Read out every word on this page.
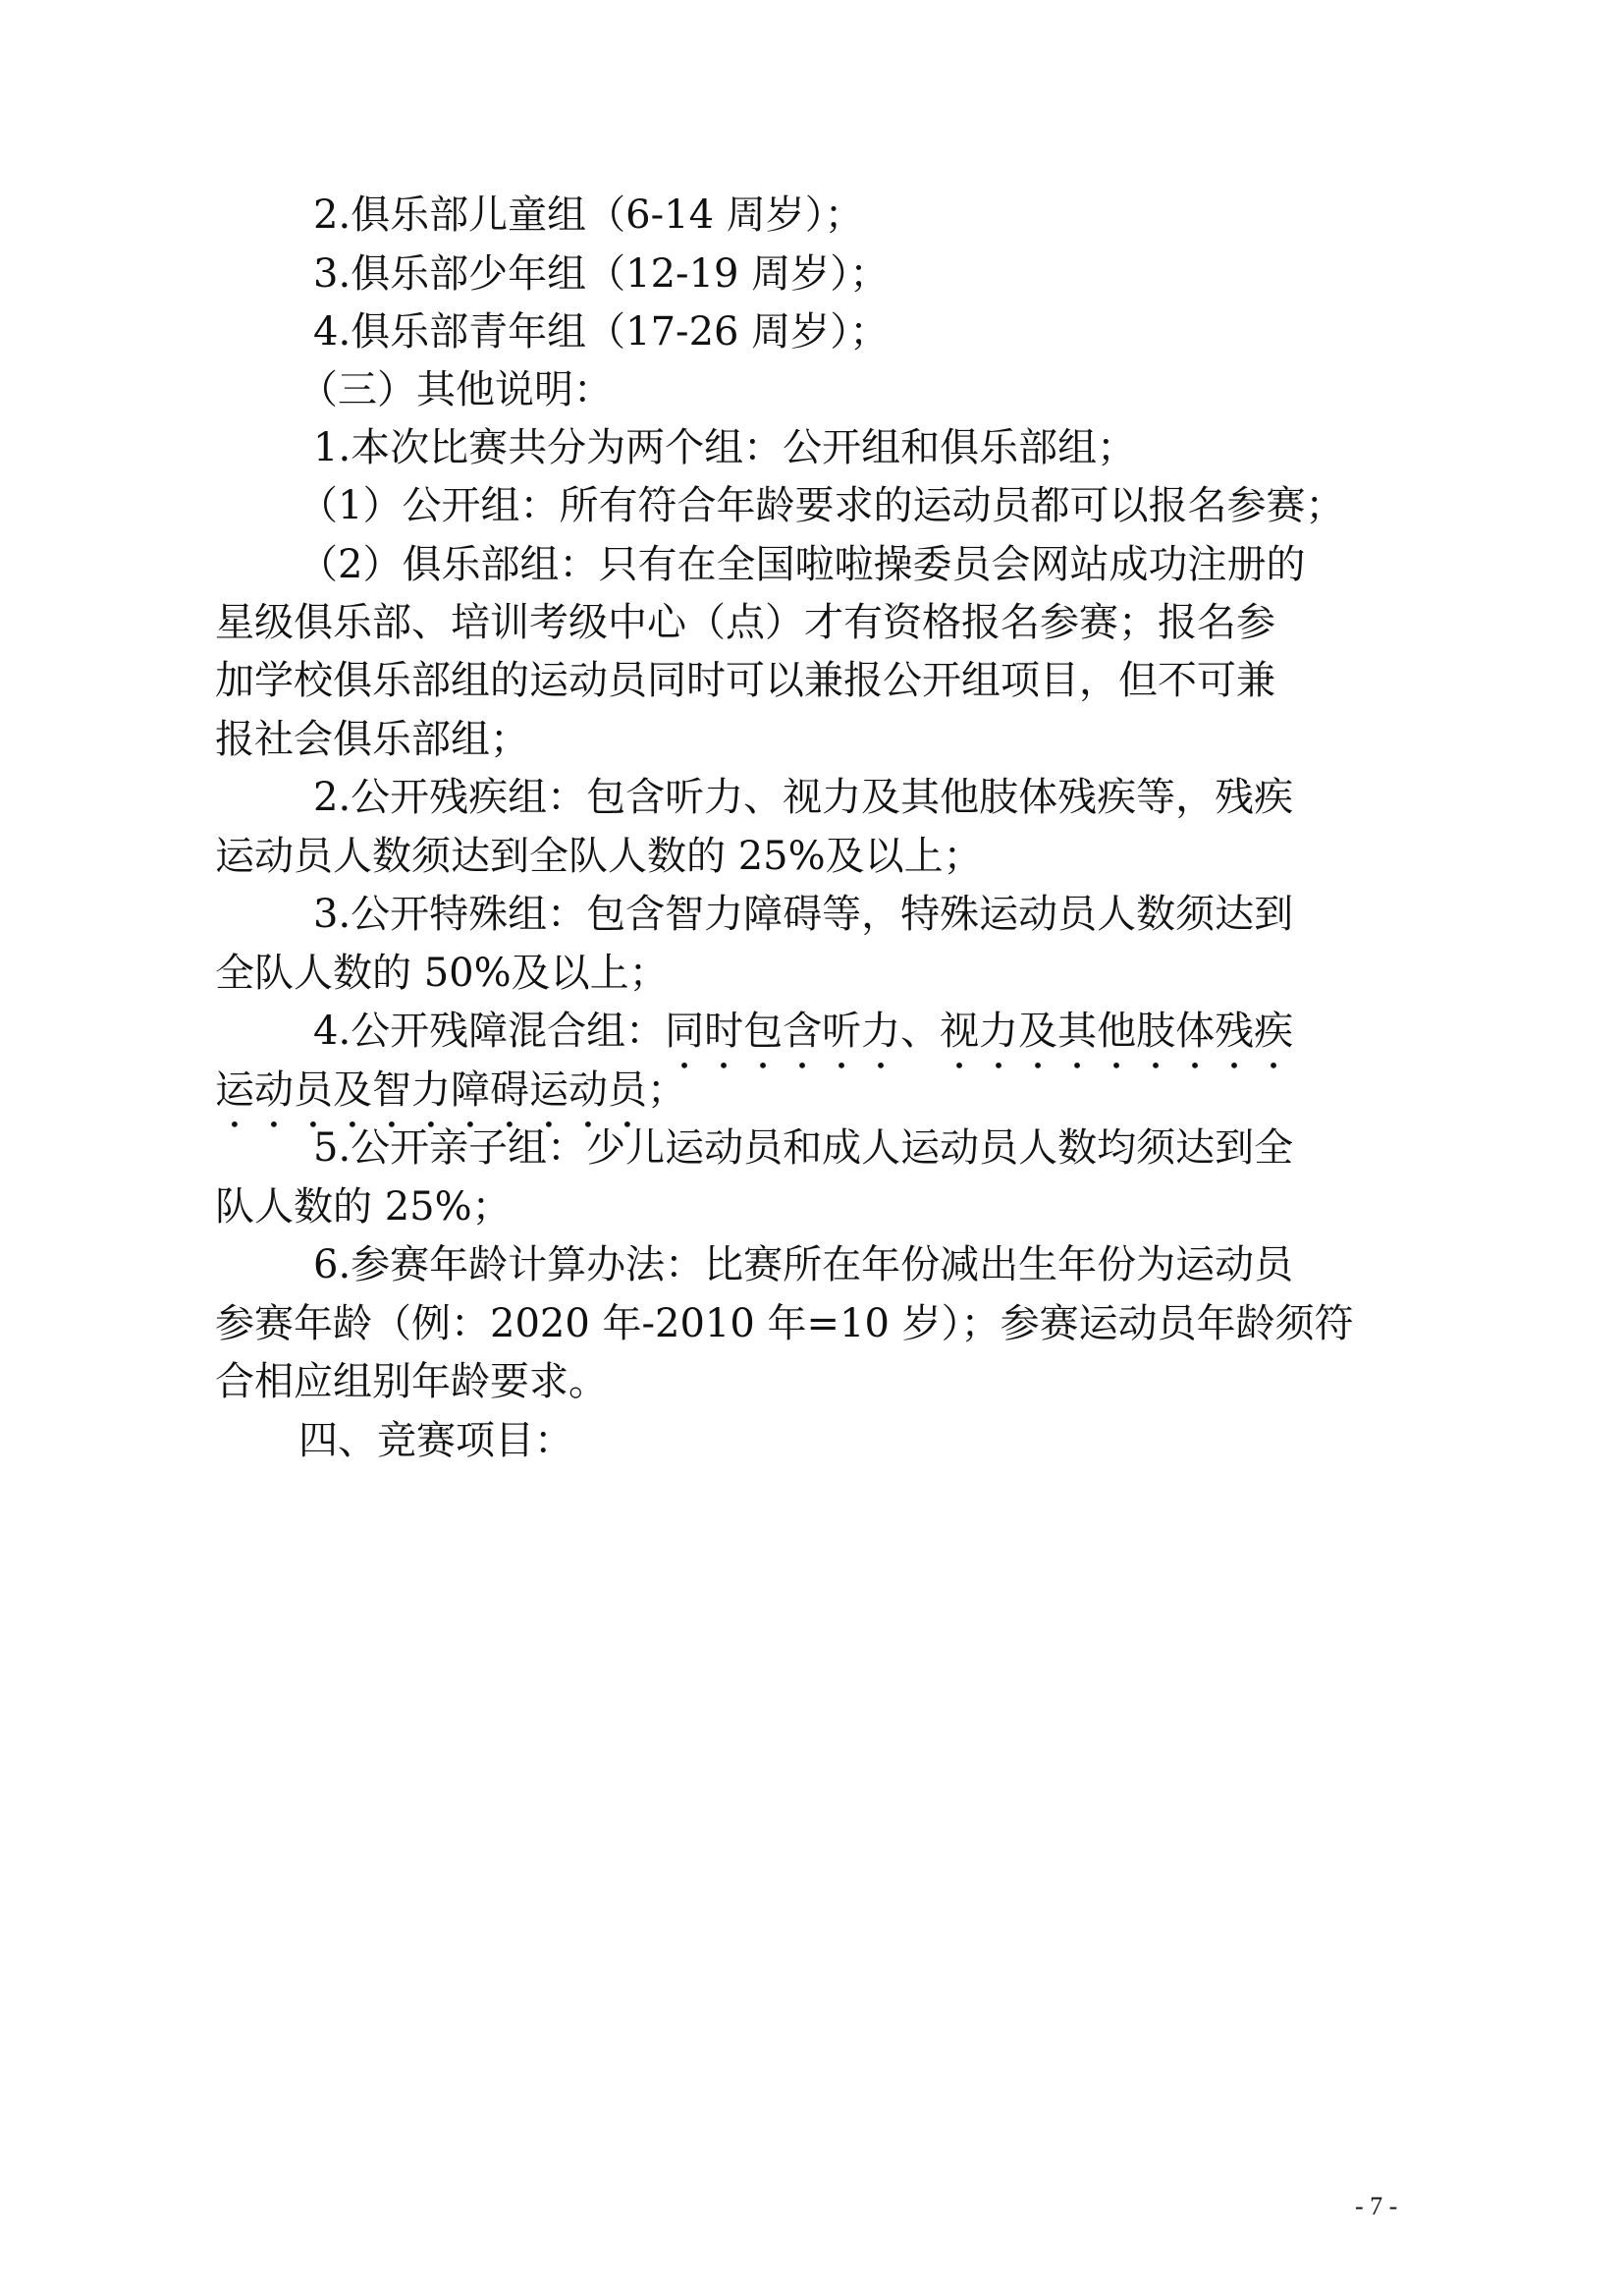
2.俱乐部儿童组（6-14 周岁）；
3.俱乐部少年组（12-19 周岁）；
4.俱乐部青年组（17-26 周岁）；
（三）其他说明：
1.本次比赛共分为两个组：公开组和俱乐部组；
（1）公开组：所有符合年龄要求的运动员都可以报名参赛；
（2）俱乐部组：只有在全国啦啦操委员会网站成功注册的
星级俱乐部、培训考级中心（点）才有资格报名参赛；报名参
加学校俱乐部组的运动员同时可以兼报公开组项目，但不可兼
报社会俱乐部组；
2.公开残疾组：包含听力、视力及其他肢体残疾等，残疾
运动员人数须达到全队人数的 25%及以上；
3.公开特殊组：包含智力障碍等，特殊运动员人数须达到
全队人数的 50%及以上；
4.公开残障混合组：同时包含听力、视力及其他肢体残疾
运动员及智力障碍运动员；
5.公开亲子组：少儿运动员和成人运动员人数均须达到全
队人数的 25%；
6.参赛年龄计算办法：比赛所在年份减出生年份为运动员
参赛年龄（例：2020 年-2010 年=10 岁）；参赛运动员年龄须符
合相应组别年龄要求。
四、竞赛项目：
- 7 -
